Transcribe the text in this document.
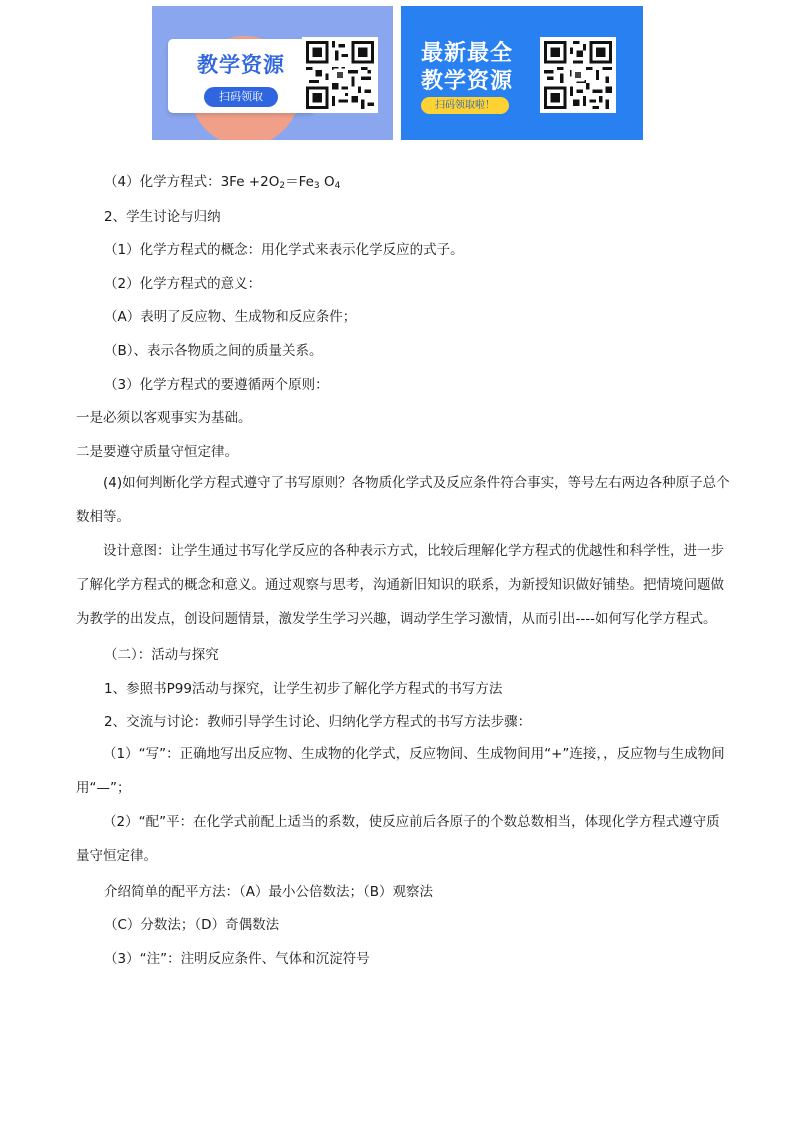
教学资源
扫码领取
最新最全
教学资源
扫码领取啦！
（4）化学方程式：$3Fe +2O_2=Fe_3$ $O_4$
2、学生讨论与归纳
（1）化学方程式的概念：用化学式来表示化学反应的式子。
（2）化学方程式的意义：
（A）表明了反应物、生成物和反应条件；
（B）、表示各物质之间的质量关系。
（3）化学方程式的要遵循两个原则：
一是必须以客观事实为基础。
二是要遵守质量守恒定律。

(4)如何判断化学方程式遵守了书写原则？各物质化学式及反应条件符合事实，等号左右两边各种原子总个数相等。

设计意图：让学生通过书写化学反应的各种表示方式，比较后理解化学方程式的优越性和科学性，进一步了解化学方程式的概念和意义。通过观察与思考，沟通新旧知识的联系，为新授知识做好铺垫。把情境问题做为教学的出发点，创设问题情景，激发学生学习兴趣，调动学生学习激情，从而引出----如何写化学方程式。

（二）：活动与探究
1、参照书P99活动与探究，让学生初步了解化学方程式的书写方法
2、交流与讨论：教师引导学生讨论、归纳化学方程式的书写方法步骤：

（1）“写”：正确地写出反应物、生成物的化学式，反应物间、生成物间用“+”连接，，反应物与生成物间用“—”；

（2）“配”平：在化学式前配上适当的系数，使反应前后各原子的个数总数相当，体现化学方程式遵守质量守恒定律。

介绍简单的配平方法：（A）最小公倍数法；（B）观察法
（C）分数法；（D）奇偶数法
（3）“注”：注明反应条件、气体和沉淀符号
